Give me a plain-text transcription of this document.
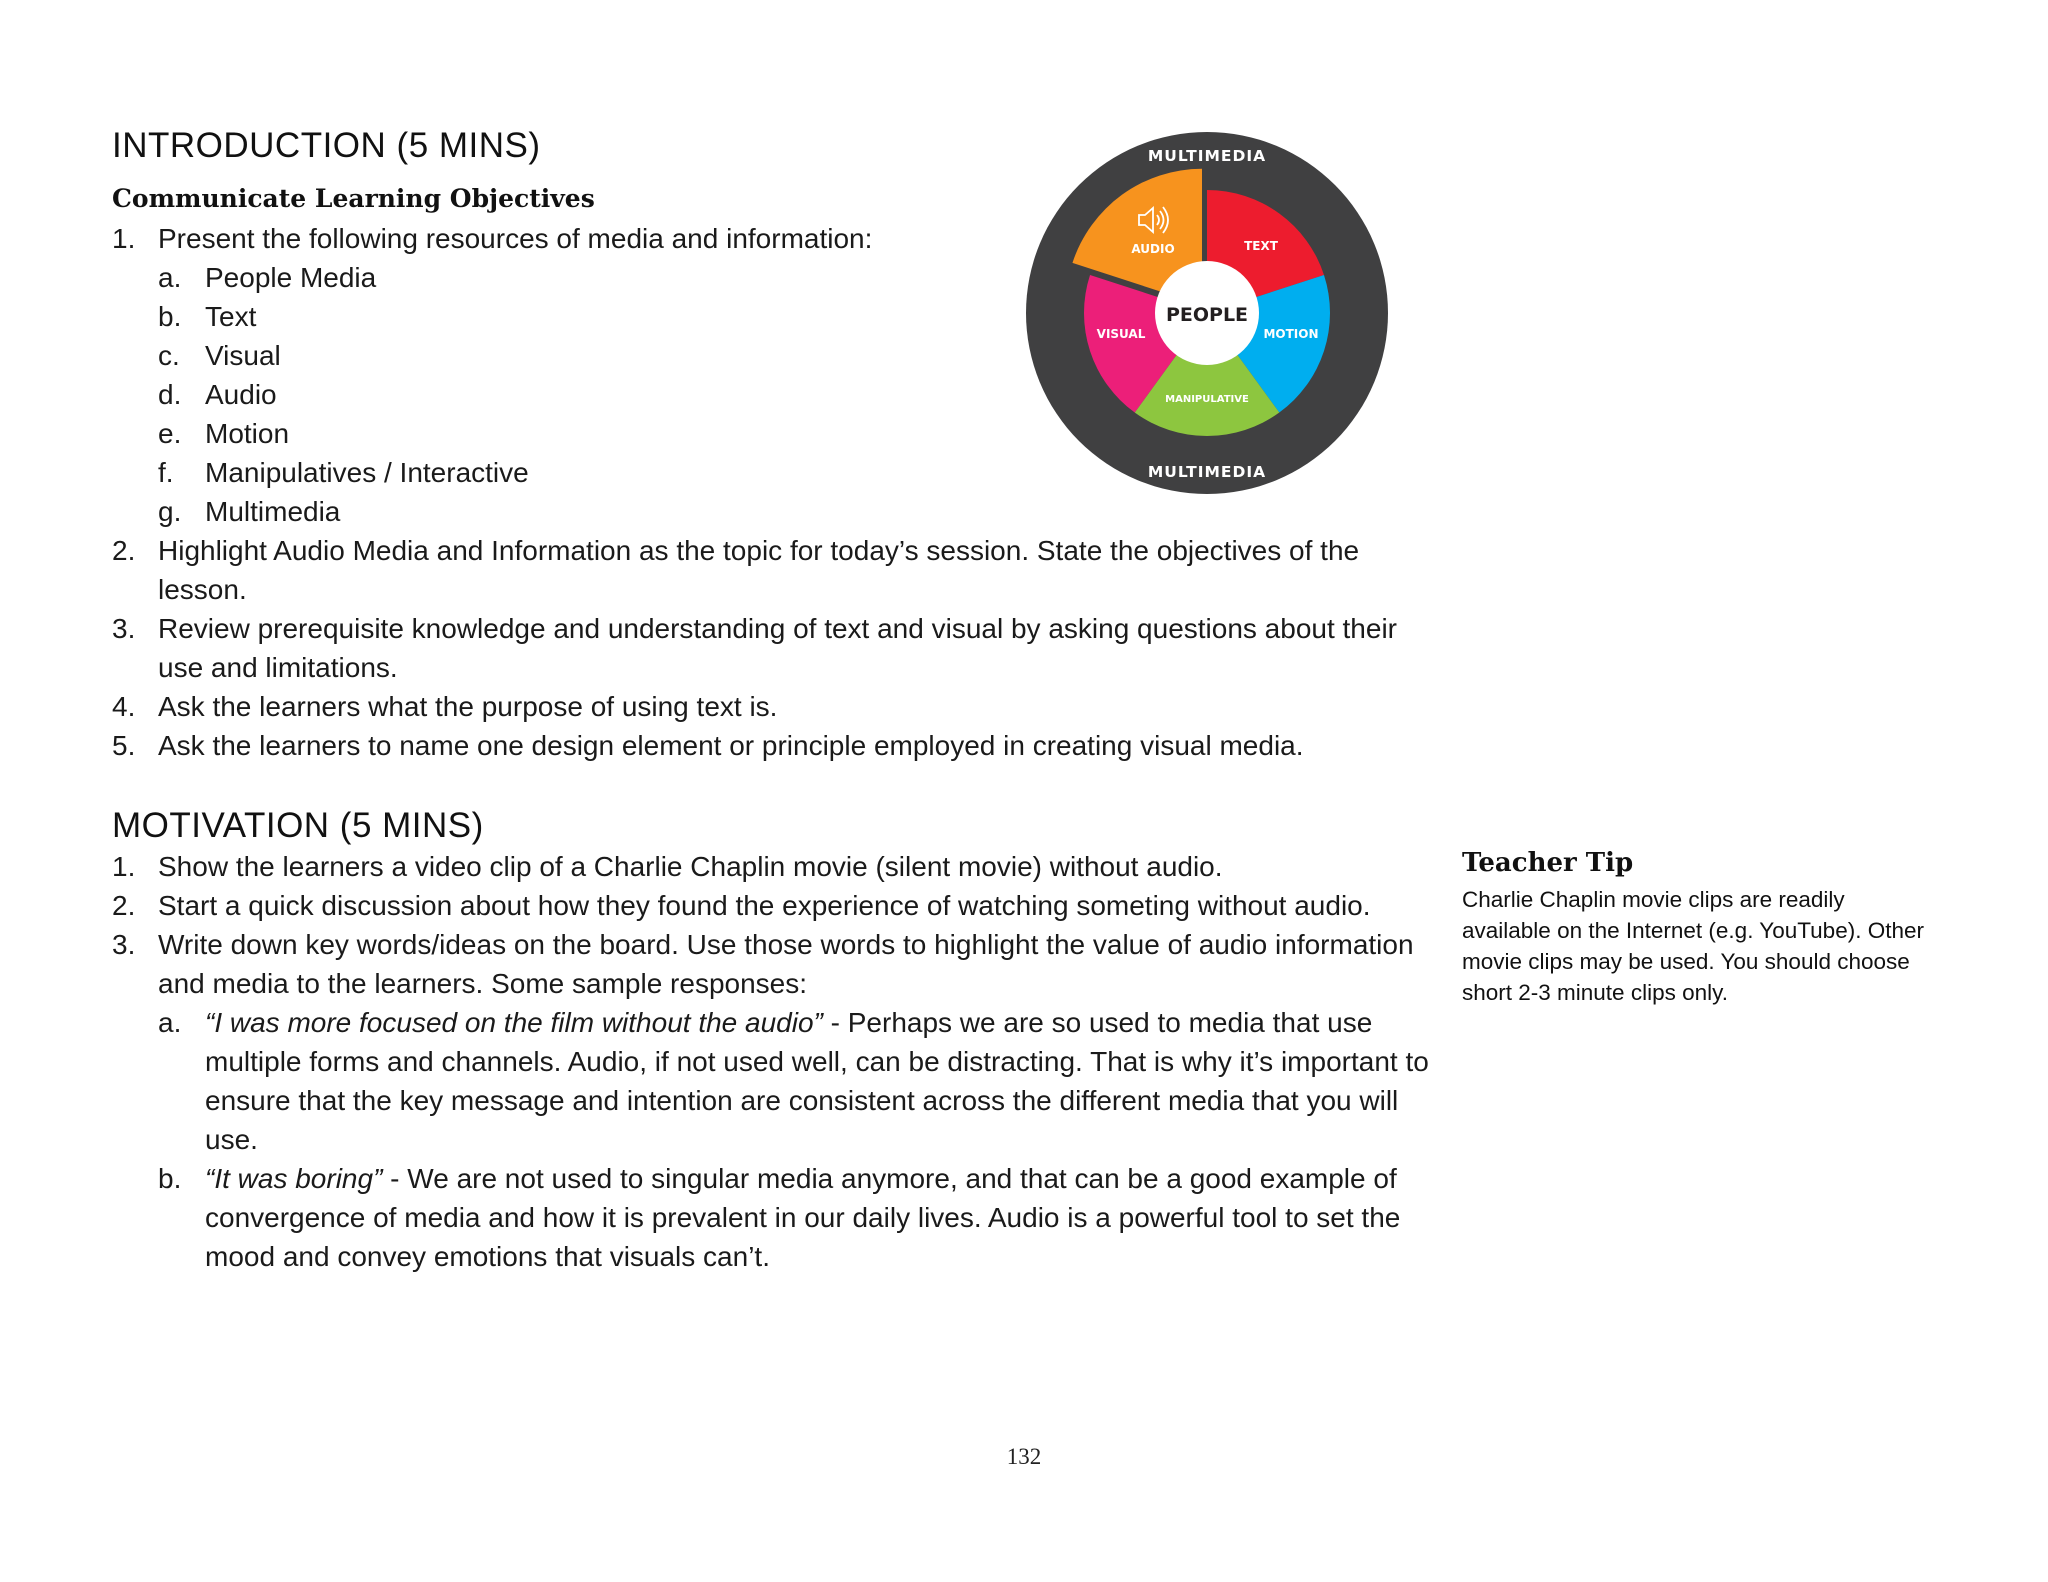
INTRODUCTION (5 MINS)
Communicate Learning Objectives
1. Present the following resources of media and information:
a. People Media
b. Text
c. Visual
d. Audio
e. Motion
f. Manipulatives / Interactive
g. Multimedia
2. Highlight Audio Media and Information as the topic for today’s session. State the objectives of the lesson.
3. Review prerequisite knowledge and understanding of text and visual by asking questions about their use and limitations.
4. Ask the learners what the purpose of using text is.
5. Ask the learners to name one design element or principle employed in creating visual media.
PEOPLE
MULTIMEDIA
MULTIMEDIA
AUDIO	TEXT
MOTION
MANIPULATIVE
VISUAL
MOTIVATION (5 MINS)
1. Show the learners a video clip of a Charlie Chaplin movie (silent movie) without audio.
2. Start a quick discussion about how they found the experience of watching someting without audio.
3. Write down key words/ideas on the board. Use those words to highlight the value of audio information and media to the learners. Some sample responses:
a. “I was more focused on the film without the audio” - Perhaps we are so used to media that use multiple forms and channels. Audio, if not used well, can be distracting. That is why it’s important to ensure that the key message and intention are consistent across the different media that you will use.
b. “It was boring” - We are not used to singular media anymore, and that can be a good example of convergence of media and how it is prevalent in our daily lives. Audio is a powerful tool to set the mood and convey emotions that visuals can’t.
Teacher Tip

Charlie Chaplin movie clips are readily available on the Internet (e.g. YouTube). Other movie clips may be used. You should choose short 2-3 minute clips only.

132
